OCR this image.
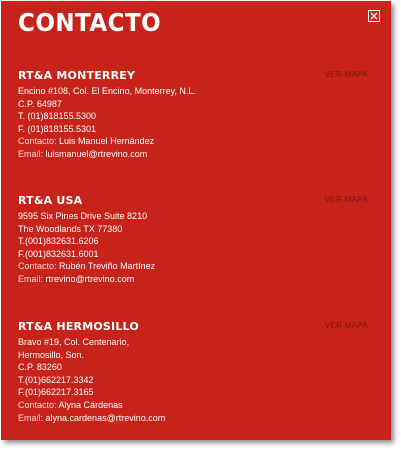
CONTACTO
RT&A MONTERREY	VER MAPA
Encino #108, Col. El Encino, Monterrey, N.L.
C.P. 64987
T. (01)818155.5300
F. (01)818155.5301
Contacto: Luis Manuel Hernández
Email: luismanuel@rtrevino.com
RT&A USA	VER MAPA
9595 Six Pines Drive Suite 8210
The Woodlands TX 77380
T.(001)832631.6206
F.(001)832631.6001
Contacto: Rubén Treviño Martínez
Email: rtrevino@rtrevino.com
RT&A HERMOSILLO	VER MAPA
Bravo #19, Col. Centenario,
Hermosillo, Son.
C.P. 83260
T.(01)662217.3342
F.(01)662217.3165
Contacto: Alyna Cárdenas
Email: alyna.cardenas@rtrevino.com
